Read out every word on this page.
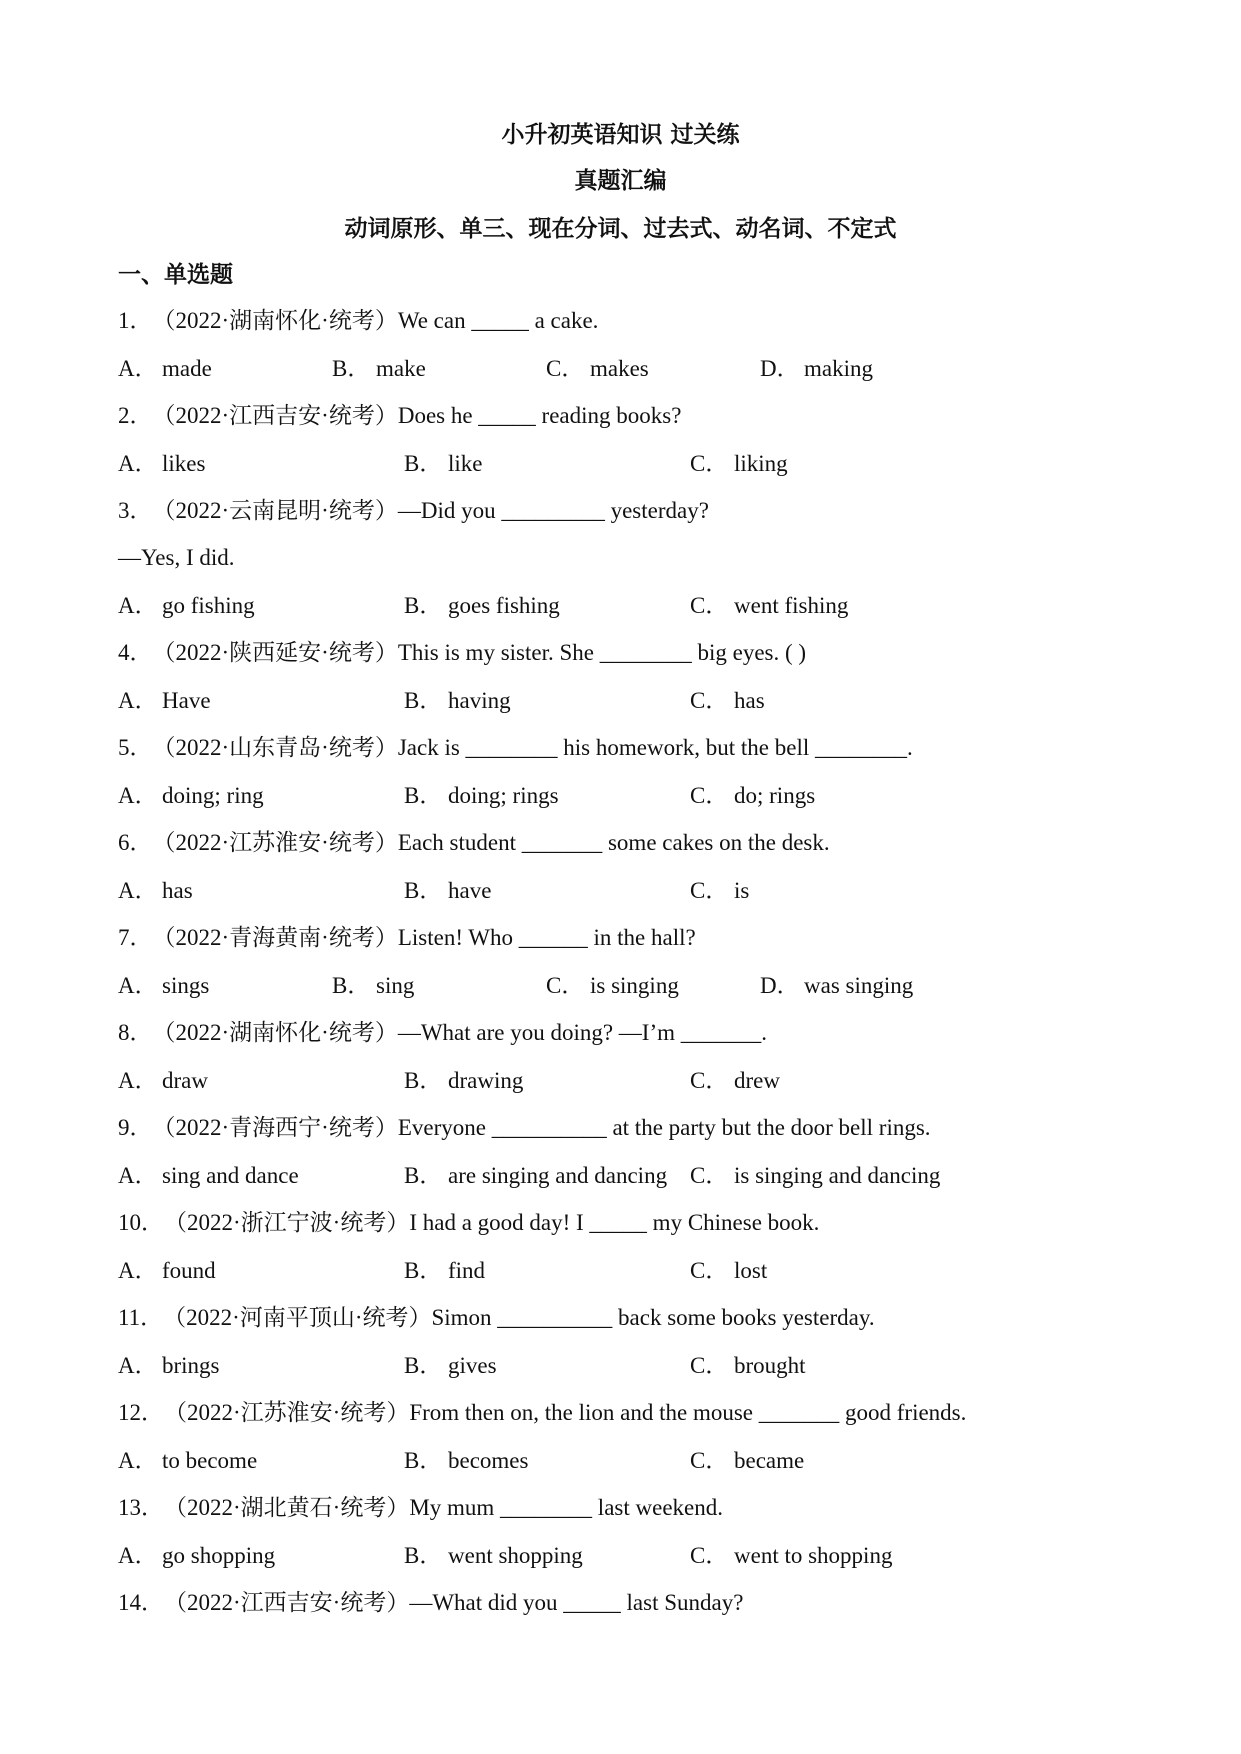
小升初英语知识 过关练
真题汇编
动词原形、单三、现在分词、过去式、动名词、不定式
一、单选题
1．（2022·湖南怀化·统考）We can _____ a cake.
A． made	B． make	C． makes	D． making
2．（2022·江西吉安·统考）Does he _____ reading books?
A． likes	B． like	C． liking
3．（2022·云南昆明·统考）—Did you _________ yesterday?
—Yes, I did.
A． go fishing	B． goes fishing	C． went fishing
4．（2022·陕西延安·统考）This is my sister. She ________ big eyes. ( )
A． Have	B． having	C． has
5．（2022·山东青岛·统考）Jack is ________ his homework, but the bell ________.
A． doing; ring	B． doing; rings	C． do; rings
6．（2022·江苏淮安·统考）Each student _______ some cakes on the desk.
A． has	B． have	C． is
7．（2022·青海黄南·统考）Listen! Who ______ in the hall?
A． sings	B． sing	C． is singing	D． was singing
8．（2022·湖南怀化·统考）—What are you doing? —I’m _______.
A． draw	B． drawing	C． drew
9．（2022·青海西宁·统考）Everyone __________ at the party but the door bell rings.
A． sing and dance	B． are singing and dancing C． is singing and dancing
10．（2022·浙江宁波·统考）I had a good day! I _____ my Chinese book.
A． found	B． find	C． lost
11．（2022·河南平顶山·统考）Simon __________ back some books yesterday.
A． brings	B． gives	C． brought
12．（2022·江苏淮安·统考）From then on, the lion and the mouse _______ good friends.
A． to become	B． becomes	C． became
13．（2022·湖北黄石·统考）My mum ________ last weekend.
A． go shopping	B． went shopping	C． went to shopping
14．（2022·江西吉安·统考）—What did you _____ last Sunday?
